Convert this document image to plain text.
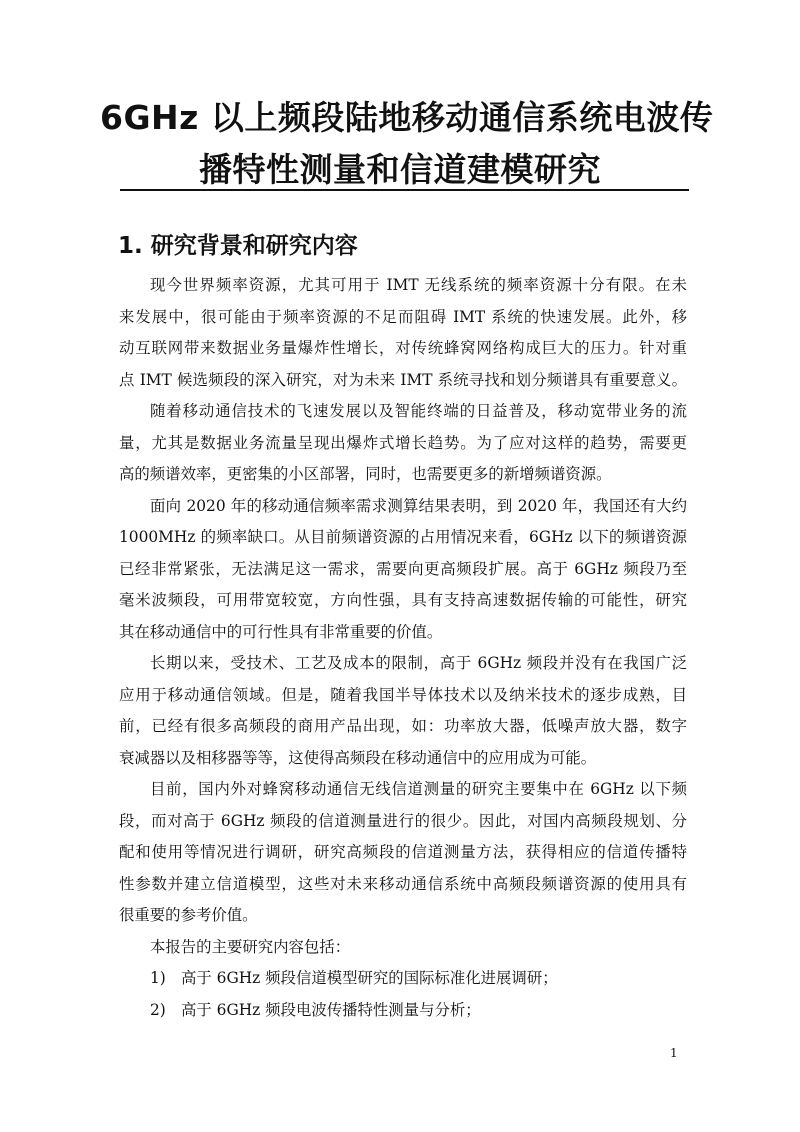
6GHz 以上频段陆地移动通信系统电波传
播特性测量和信道建模研究
1. 研究背景和研究内容
现今世界频率资源，尤其可用于 IMT 无线系统的频率资源十分有限。在未
来发展中，很可能由于频率资源的不足而阻碍 IMT 系统的快速发展。此外，移
动互联网带来数据业务量爆炸性增长，对传统蜂窝网络构成巨大的压力。针对重
点 IMT 候选频段的深入研究，对为未来 IMT 系统寻找和划分频谱具有重要意义。
随着移动通信技术的飞速发展以及智能终端的日益普及，移动宽带业务的流
量，尤其是数据业务流量呈现出爆炸式增长趋势。为了应对这样的趋势，需要更
高的频谱效率，更密集的小区部署，同时，也需要更多的新增频谱资源。
面向 2020 年的移动通信频率需求测算结果表明，到 2020 年，我国还有大约
1000MHz 的频率缺口。从目前频谱资源的占用情况来看，6GHz 以下的频谱资源
已经非常紧张，无法满足这一需求，需要向更高频段扩展。高于 6GHz 频段乃至
毫米波频段，可用带宽较宽，方向性强，具有支持高速数据传输的可能性，研究
其在移动通信中的可行性具有非常重要的价值。
长期以来，受技术、工艺及成本的限制，高于 6GHz 频段并没有在我国广泛
应用于移动通信领域。但是，随着我国半导体技术以及纳米技术的逐步成熟，目
前，已经有很多高频段的商用产品出现，如：功率放大器，低噪声放大器，数字
衰减器以及相移器等等，这使得高频段在移动通信中的应用成为可能。
目前，国内外对蜂窝移动通信无线信道测量的研究主要集中在 6GHz 以下频
段，而对高于 6GHz 频段的信道测量进行的很少。因此，对国内高频段规划、分
配和使用等情况进行调研，研究高频段的信道测量方法，获得相应的信道传播特
性参数并建立信道模型，这些对未来移动通信系统中高频段频谱资源的使用具有
很重要的参考价值。
本报告的主要研究内容包括：
1) 高于 6GHz 频段信道模型研究的国际标准化进展调研；
2) 高于 6GHz 频段电波传播特性测量与分析；
1
